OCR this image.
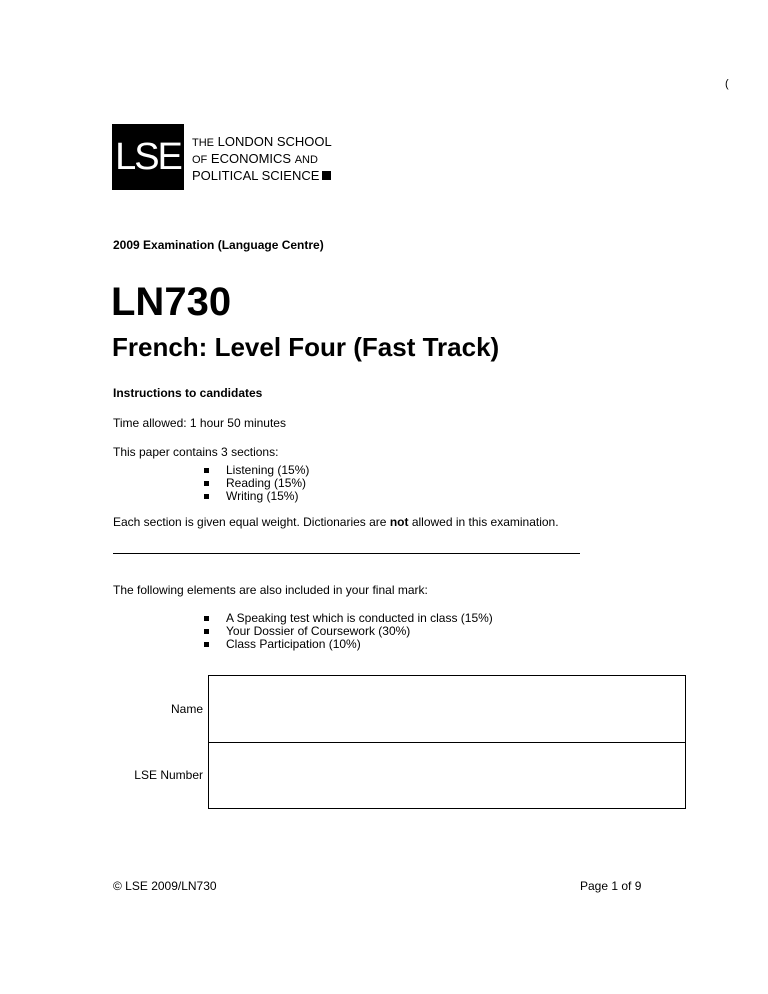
(
LSE THE LONDON SCHOOL
OF ECONOMICS AND
POLITICAL SCIENCE
2009 Examination (Language Centre)
LN730
French: Level Four (Fast Track)
Instructions to candidates
Time allowed: 1 hour 50 minutes
This paper contains 3 sections:
Listening (15%)
Reading (15%)
Writing (15%)
Each section is given equal weight. Dictionaries are not allowed in this examination.
The following elements are also included in your final mark:
A Speaking test which is conducted in class (15%)
Your Dossier of Coursework (30%)
Class Participation (10%)
Name
LSE Number
© LSE 2009/LN730	Page 1 of 9
